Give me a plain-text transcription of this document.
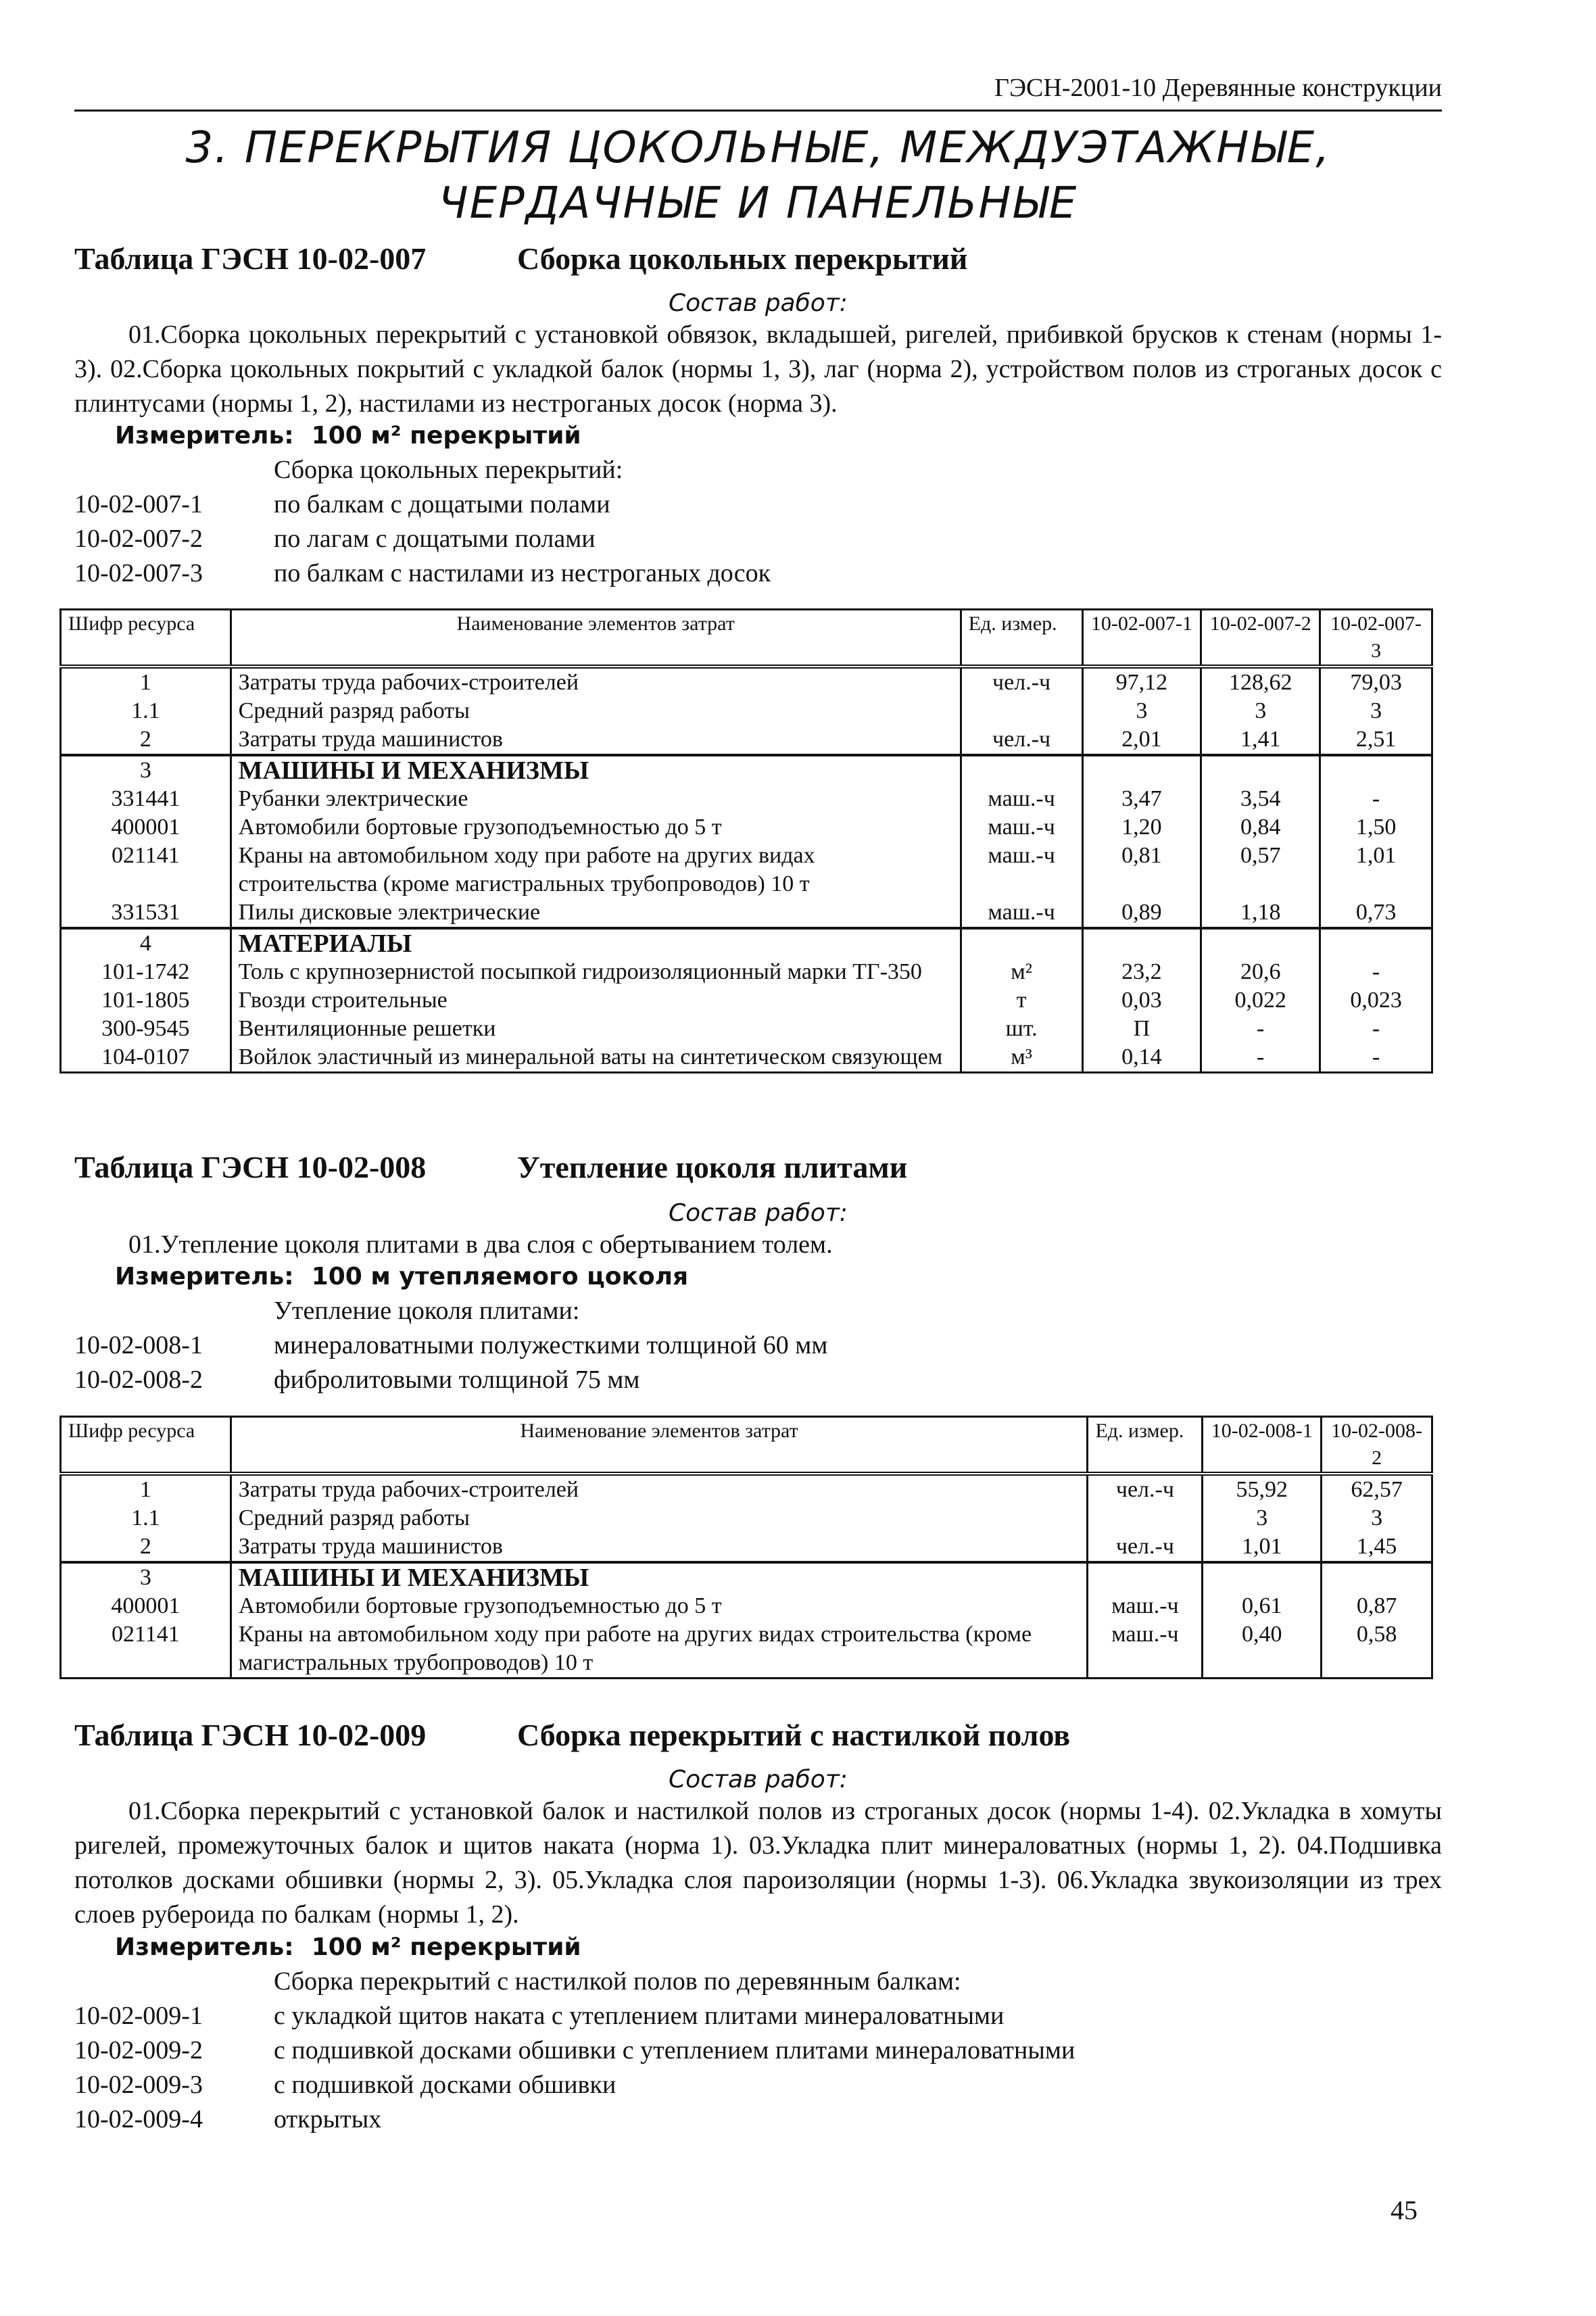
ГЭСН-2001-10 Деревянные конструкции
3. ПЕРЕКРЫТИЯ ЦОКОЛЬНЫЕ, МЕЖДУЭТАЖНЫЕ,
ЧЕРДАЧНЫЕ И ПАНЕЛЬНЫЕ
Таблица ГЭСН 10-02-007	Сборка цокольных перекрытий
Состав работ:

01.Сборка цокольных перекрытий с установкой обвязок, вкладышей, ригелей, прибивкой брусков к стенам (нормы 1-3). 02.Сборка цокольных покрытий с укладкой балок (нормы 1, 3), лаг (норма 2), устройством полов из строганых досок с плинтусами (нормы 1, 2), настилами из нестроганых досок (норма 3).

Измеритель: 100 м² перекрытий
Сборка цокольных перекрытий:
10-02-007-1	по балкам с дощатыми полами
10-02-007-2	по лагам с дощатыми полами
10-02-007-3	по балкам с настилами из нестроганых досок
Шифр ресурса	Наименование элементов затрат	Ед. измер.	10-02-007-1	10-02-007-2	10-02-007-3
1	Затраты труда рабочих-строителей	чел.-ч	97,12	128,62	79,03
1.1	Средний разряд работы		3	3	3
2	Затраты труда машинистов	чел.-ч	2,01	1,41	2,51
3	МАШИНЫ И МЕХАНИЗМЫ				
331441	Рубанки электрические	маш.-ч	3,47	3,54	-
400001	Автомобили бортовые грузоподъемностью до 5 т	маш.-ч	1,20	0,84	1,50
021141	Краны на автомобильном ходу при работе на других видах строительства (кроме магистральных трубопроводов) 10 т	маш.-ч	0,81	0,57	1,01
331531	Пилы дисковые электрические	маш.-ч	0,89	1,18	0,73
4	МАТЕРИАЛЫ				
101-1742	Толь с крупнозернистой посыпкой гидроизоляционный марки ТГ-350	м²	23,2	20,6	-
101-1805	Гвозди строительные	т	0,03	0,022	0,023
300-9545	Вентиляционные решетки	шт.	П	-	-
104-0107	Войлок эластичный из минеральной ваты на синтетическом связующем	м³	0,14	-	-
Таблица ГЭСН 10-02-008	Утепление цоколя плитами
Состав работ:

01.Утепление цоколя плитами в два слоя с обертыванием толем.

Измеритель: 100 м утепляемого цоколя
Утепление цоколя плитами:
10-02-008-1	минераловатными полужесткими толщиной 60 мм
10-02-008-2	фибролитовыми толщиной 75 мм
Шифр ресурса	Наименование элементов затрат	Ед. измер.	10-02-008-1	10-02-008-2
1	Затраты труда рабочих-строителей	чел.-ч	55,92	62,57
1.1	Средний разряд работы		3	3
2	Затраты труда машинистов	чел.-ч	1,01	1,45
3	МАШИНЫ И МЕХАНИЗМЫ			
400001	Автомобили бортовые грузоподъемностью до 5 т	маш.-ч	0,61	0,87
021141	Краны на автомобильном ходу при работе на других видах строительства (кроме магистральных трубопроводов) 10 т	маш.-ч	0,40	0,58
Таблица ГЭСН 10-02-009	Сборка перекрытий с настилкой полов
Состав работ:

01.Сборка перекрытий с установкой балок и настилкой полов из строганых досок (нормы 1-4). 02.Укладка в хомуты ригелей, промежуточных балок и щитов наката (норма 1). 03.Укладка плит минераловатных (нормы 1, 2). 04.Подшивка потолков досками обшивки (нормы 2, 3). 05.Укладка слоя пароизоляции (нормы 1-3). 06.Укладка звукоизоляции из трех слоев рубероида по балкам (нормы 1, 2).

Измеритель: 100 м² перекрытий
Сборка перекрытий с настилкой полов по деревянным балкам:
10-02-009-1	с укладкой щитов наката с утеплением плитами минераловатными
10-02-009-2	с подшивкой досками обшивки с утеплением плитами минераловатными
10-02-009-3	с подшивкой досками обшивки
10-02-009-4	открытых
45
